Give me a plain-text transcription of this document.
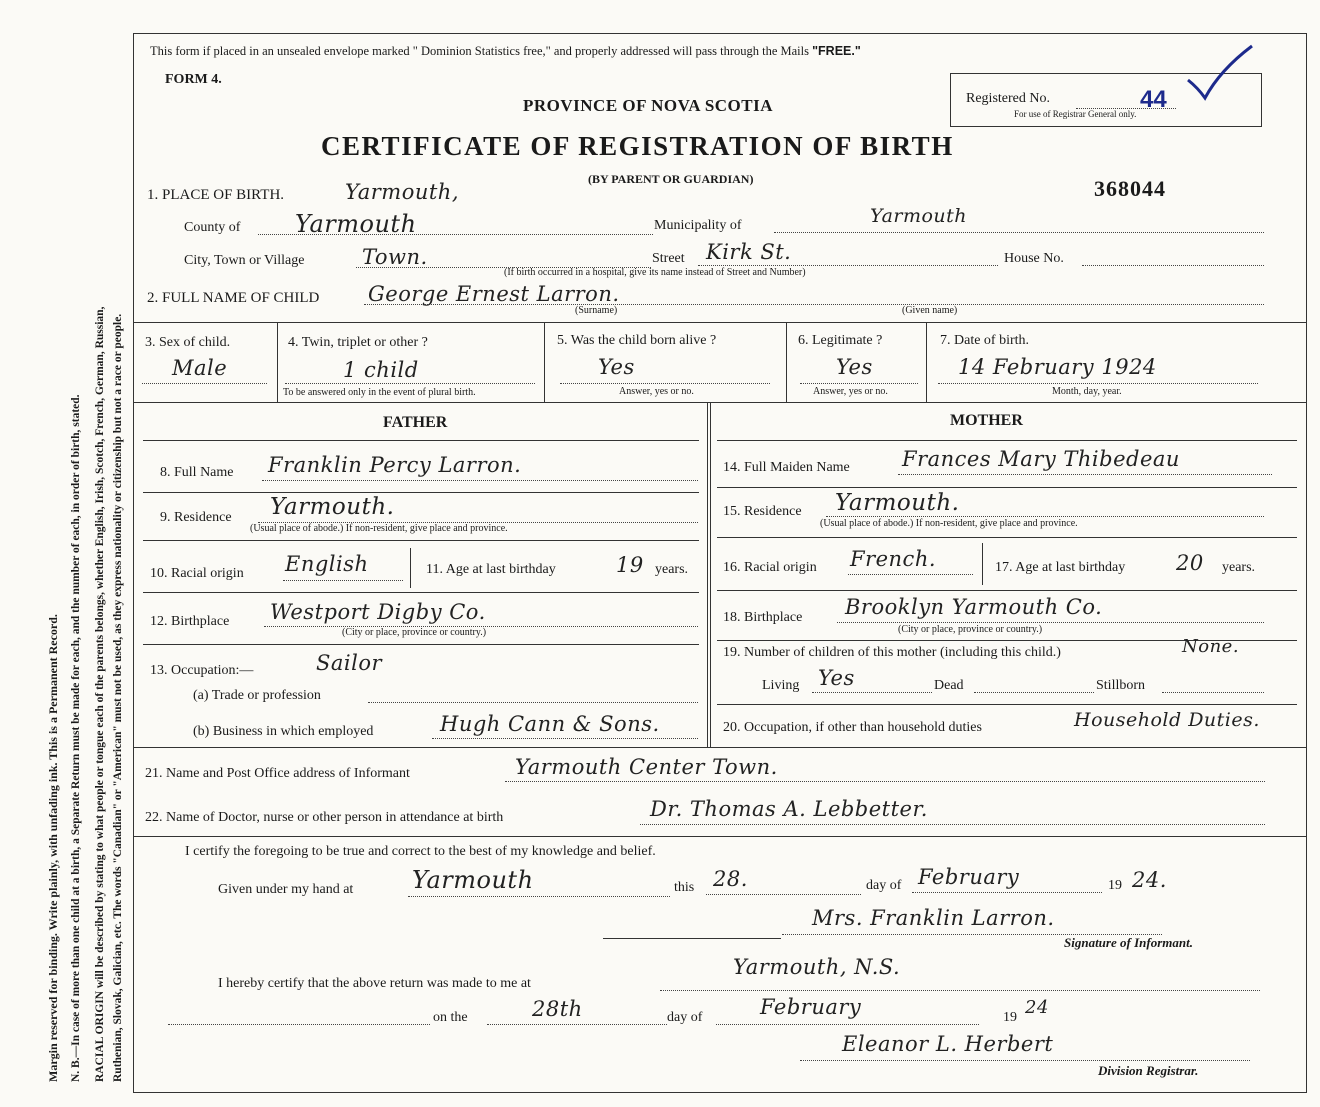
Margin reserved for binding. Write plainly, with unfading ink. This is a Permanent Record. N. B.—In case of more than one child at a birth, a Separate Return must be made for each, and the number of each, in order of birth, stated. RACIAL ORIGIN will be described by stating to what people or tongue each of the parents belongs, whether English, Irish, Scotch, French, German, Russian, Ruthenian, Slovak, Galician, etc. The words "Canadian" or "American" must not be used, as they express nationality or citizenship but not a race or people.
This form if placed in an unsealed envelope marked " Dominion Statistics free," and properly addressed will pass through the Mails "FREE."
FORM 4.
PROVINCE OF NOVA SCOTIA
CERTIFICATE OF REGISTRATION OF BIRTH
(BY PARENT OR GUARDIAN)
Registered No.	44
For use of Registrar General only.
368044
1. PLACE OF BIRTH.	Yarmouth,
County of Yarmouth	Municipality of	Yarmouth
City, Town or Village	Town.	Street Kirk St.	House No.
(If birth occurred in a hospital, give its name instead of Street and Number)
2. FULL NAME OF CHILD George Ernest Larron.
(Surname)	(Given name)
3. Sex of child.
Male
4. Twin, triplet or other ?
1 child
To be answered only in the event of plural birth.
5. Was the child born alive ?
Yes
Answer, yes or no.
6. Legitimate ?
Yes
Answer, yes or no.
7. Date of birth.
14 February 1924
Month, day, year.
FATHER	MOTHER
8. Full Name Franklin Percy Larron.
9. Residence Yarmouth.
(Usual place of abode.) If non-resident, give place and province.
10. Racial origin English	11. Age at last birthday	19 years.
12. Birthplace Westport Digby Co.
(City or place, province or country.)
13. Occupation:—	Sailor
(a) Trade or profession
(b) Business in which employed	Hugh Cann & Sons.
14. Full Maiden Name Frances Mary Thibedeau
15. Residence Yarmouth.
(Usual place of abode.) If non-resident, give place and province.
16. Racial origin French.	17. Age at last birthday 20 years.
18. Birthplace Brooklyn Yarmouth Co.
(City or place, province or country.)
19. Number of children of this mother (including this child.)	None.
Living Yes	Dead	Stillborn
20. Occupation, if other than household duties	Household Duties.
21. Name and Post Office address of Informant	Yarmouth Center Town.
22. Name of Doctor, nurse or other person in attendance at birth	Dr. Thomas A. Lebbetter.
I certify the foregoing to be true and correct to the best of my knowledge and belief.
Given under my hand at Yarmouth	this 28.	day of February	19 24.
Mrs. Franklin Larron.
Signature of Informant.
I hereby certify that the above return was made to me at
Yarmouth, N.S.
on the	28th	day of	February	19 24
Eleanor L. Herbert
Division Registrar.
